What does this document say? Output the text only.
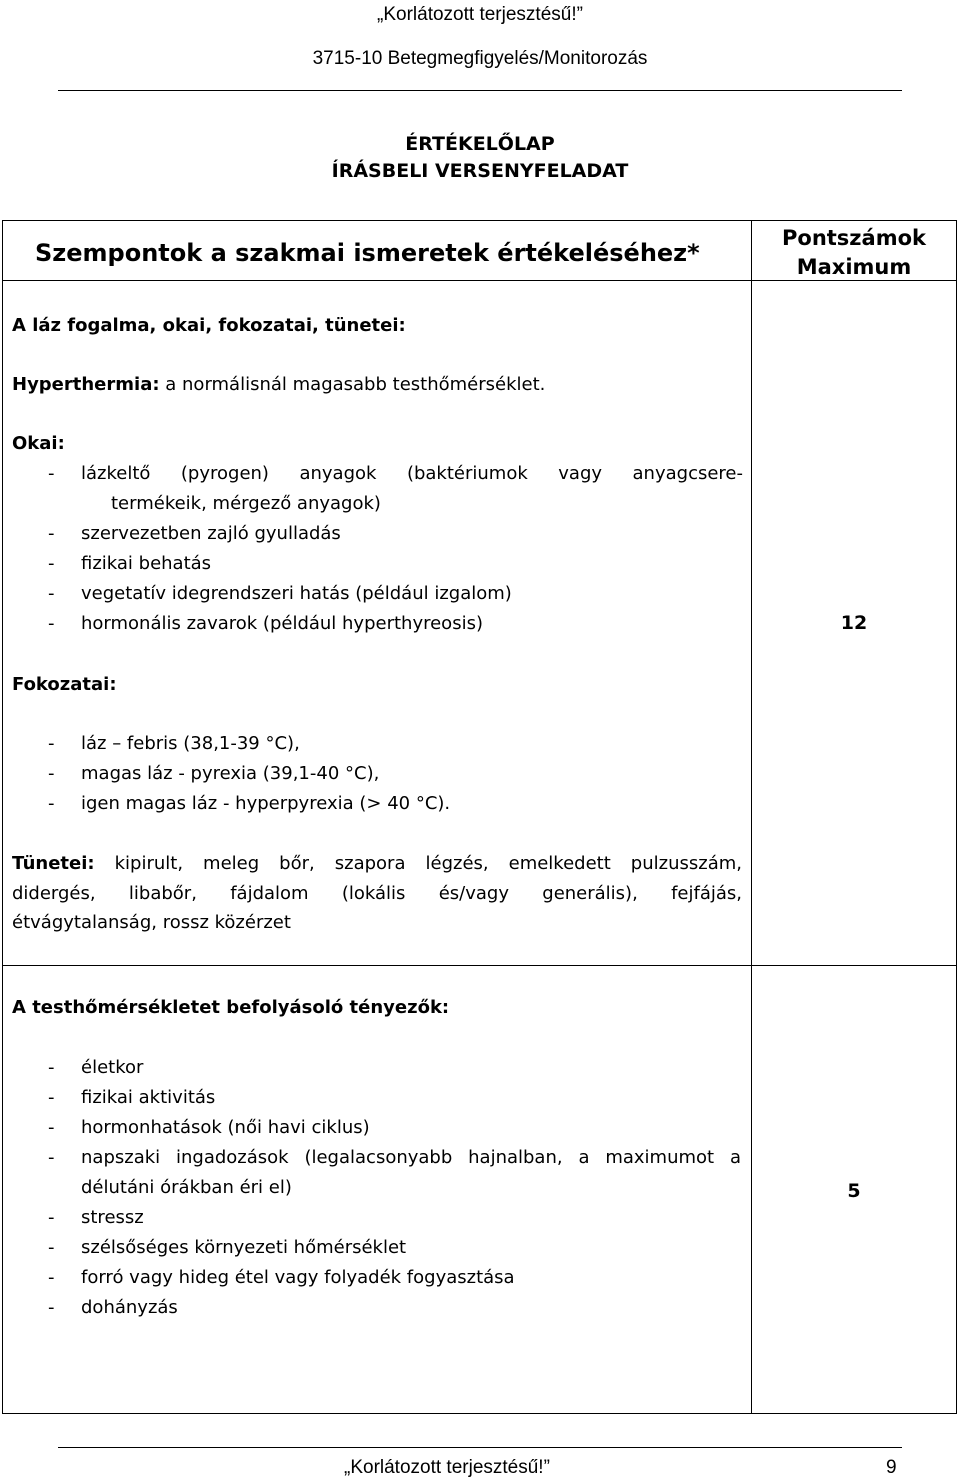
„Korlátozott terjesztésű!”
3715-10 Betegmegfigyelés/Monitorozás
ÉRTÉKELŐLAP
ÍRÁSBELI VERSENYFELADAT
Szempontok a szakmai ismeretek értékeléséhez*
Pontszámok
Maximum
A láz fogalma, okai, fokozatai, tünetei:
Hyperthermia: a normálisnál magasabb testhőmérséklet.
Okai:
- lázkeltő (pyrogen) anyagok (baktériumok vagy anyagcsere-
termékeik, mérgező anyagok)
- szervezetben zajló gyulladás
- fizikai behatás
- vegetatív idegrendszeri hatás (például izgalom)
- hormonális zavarok (például hyperthyreosis)	12
Fokozatai:
- láz – febris (38,1-39 °C),
- magas láz - pyrexia (39,1-40 °C),
- igen magas láz - hyperpyrexia (> 40 °C).
Tünetei: kipirult, meleg bőr, szapora légzés, emelkedett pulzusszám,
didergés, libabőr, fájdalom (lokális és/vagy generális), fejfájás,
étvágytalanság, rossz közérzet
A testhőmérsékletet befolyásoló tényezők:
- életkor
- fizikai aktivitás
- hormonhatások (női havi ciklus)
- napszaki ingadozások (legalacsonyabb hajnalban, a maximumot a
délutáni órákban éri el)
- stressz
- szélsőséges környezeti hőmérséklet
- forró vagy hideg étel vagy folyadék fogyasztása
- dohányzás
5
„Korlátozott terjesztésű!”	9
